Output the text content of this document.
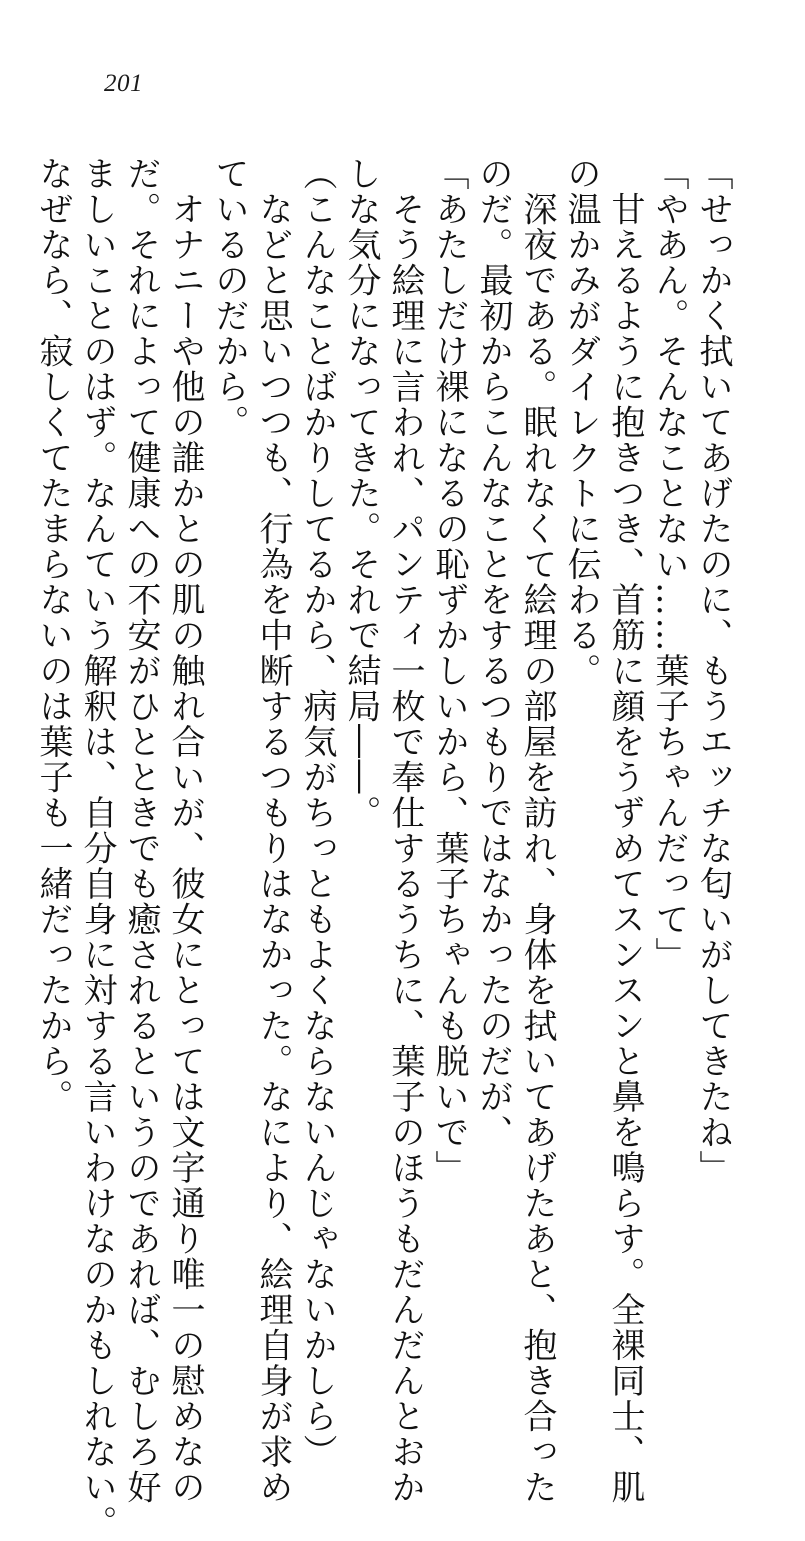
201
「せっかく拭いてあげたのに、もうエッチな匂いがしてきたね」
「やあん。そんなことない……葉子ちゃんだって」
　甘えるように抱きつき、首筋に顔をうずめてスンスンと鼻を鳴らす。全裸同士、肌
の温かみがダイレクトに伝わる。
　深夜である。眠れなくて絵理の部屋を訪れ、身体を拭いてあげたあと、抱き合った
のだ。最初からこんなことをするつもりではなかったのだが、
「あたしだけ裸になるの恥ずかしいから、葉子ちゃんも脱いで」
　そう絵理に言われ、パンティ一枚で奉仕するうちに、葉子のほうもだんだんとおか
しな気分になってきた。それで結局――。
（こんなことばかりしてるから、病気がちっともよくならないんじゃないかしら）
　などと思いつつも、行為を中断するつもりはなかった。なにより、絵理自身が求め
ているのだから。
　オナニーや他の誰かとの肌の触れ合いが、彼女にとっては文字通り唯一の慰めなの
だ。それによって健康への不安がひとときでも癒されるというのであれば、むしろ好
ましいことのはず。なんていう解釈は、自分自身に対する言いわけなのかもしれない。
なぜなら、寂しくてたまらないのは葉子も一緒だったから。
